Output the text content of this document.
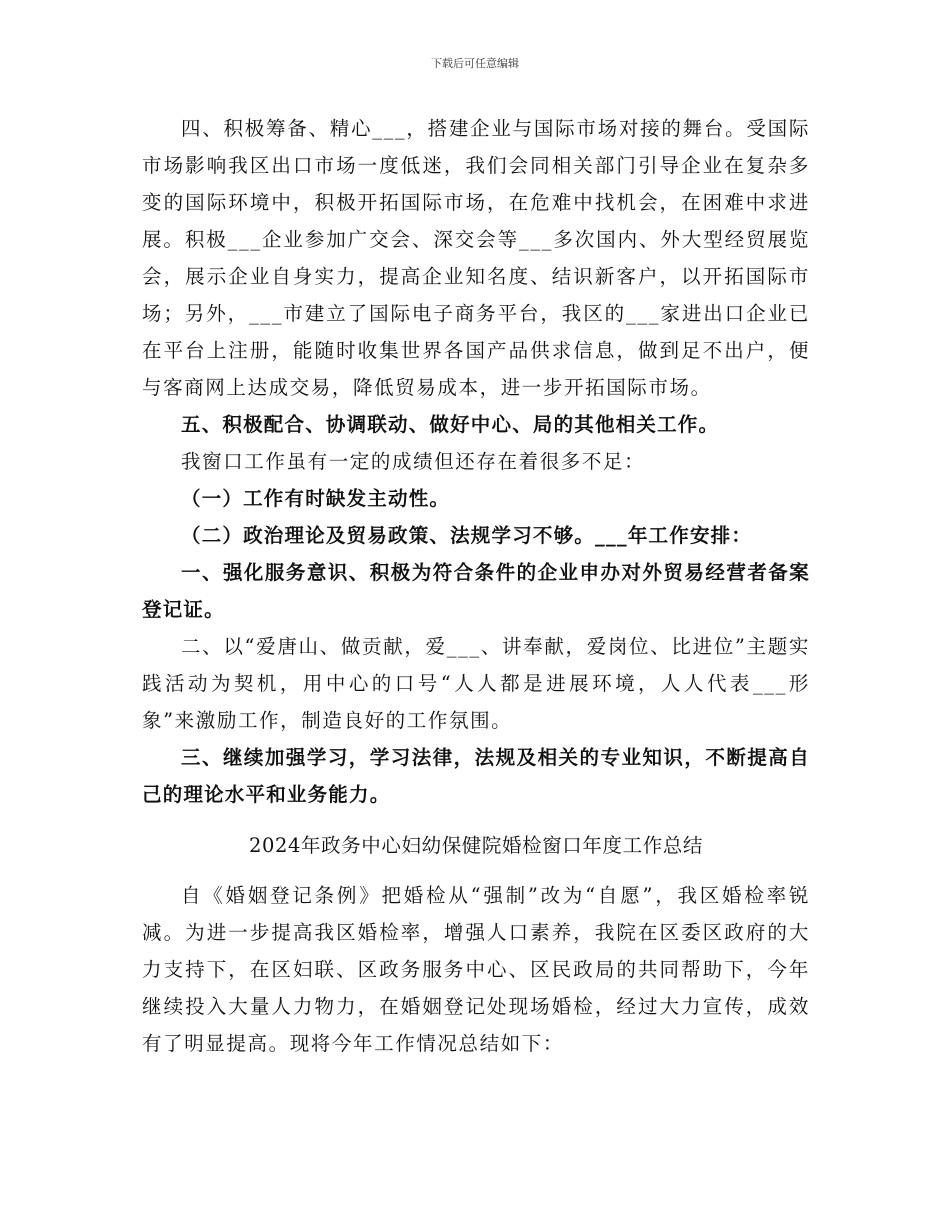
下载后可任意编辑

四、积极筹备、精心___，搭建企业与国际市场对接的舞台。受国际市场影响我区出口市场一度低迷，我们会同相关部门引导企业在复杂多变的国际环境中，积极开拓国际市场，在危难中找机会，在困难中求进展。积极___企业参加广交会、深交会等___多次国内、外大型经贸展览会，展示企业自身实力，提高企业知名度、结识新客户，以开拓国际市场；另外，___市建立了国际电子商务平台，我区的___家进出口企业已在平台上注册，能随时收集世界各国产品供求信息，做到足不出户，便与客商网上达成交易，降低贸易成本，进一步开拓国际市场。

五、积极配合、协调联动、做好中心、局的其他相关工作。

我窗口工作虽有一定的成绩但还存在着很多不足：

（一）工作有时缺发主动性。

（二）政治理论及贸易政策、法规学习不够。___年工作安排：

一、强化服务意识、积极为符合条件的企业申办对外贸易经营者备案登记证。

二、以“爱唐山、做贡献，爱___、讲奉献，爱岗位、比进位”主题实践活动为契机，用中心的口号“人人都是进展环境，人人代表___形象”来激励工作，制造良好的工作氛围。

三、继续加强学习，学习法律，法规及相关的专业知识，不断提高自己的理论水平和业务能力。

2024年政务中心妇幼保健院婚检窗口年度工作总结

自《婚姻登记条例》把婚检从“强制”改为“自愿”，我区婚检率锐减。为进一步提高我区婚检率，增强人口素养，我院在区委区政府的大力支持下，在区妇联、区政务服务中心、区民政局的共同帮助下，今年继续投入大量人力物力，在婚姻登记处现场婚检，经过大力宣传，成效有了明显提高。现将今年工作情况总结如下：
